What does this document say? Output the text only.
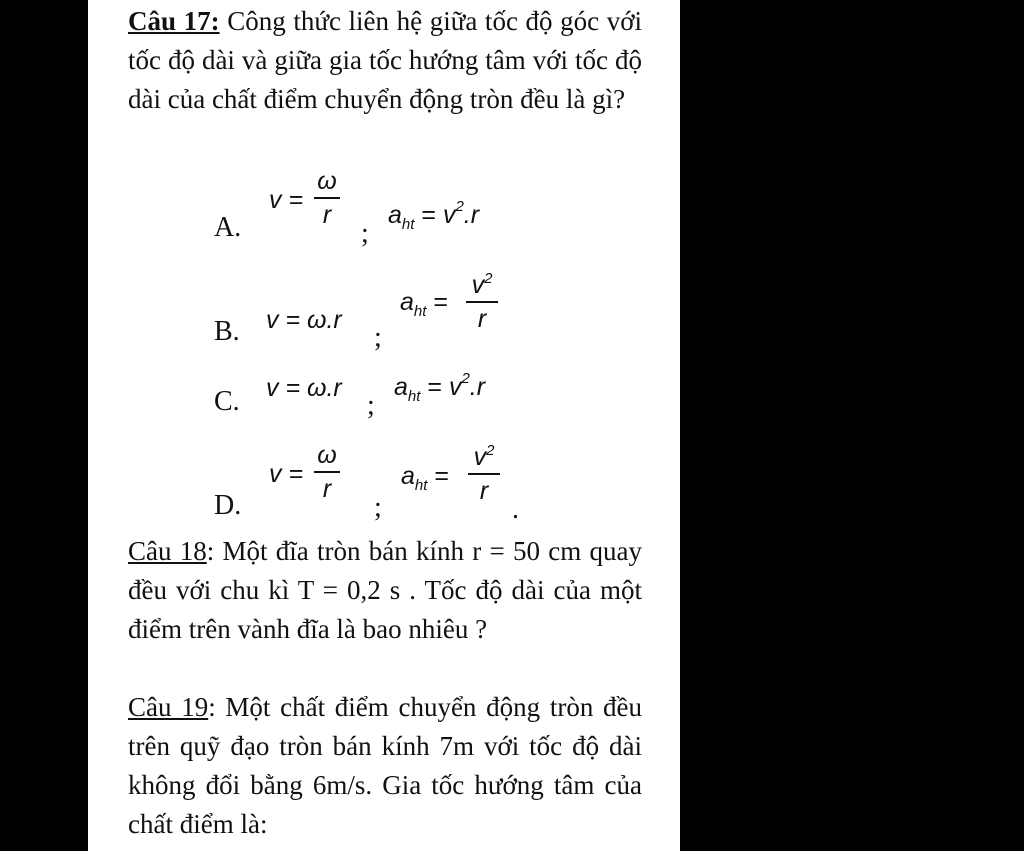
Câu 17: Công thức liên hệ giữa tốc độ góc với tốc độ dài và giữa gia tốc hướng tâm với tốc độ dài của chất điểm chuyển động tròn đều là gì?
A.
v =
ω
r
;
$a_{ht} = v^2.r$
B. v = ω.r
;
$a_{ht}$ =
$v^2$
r
C. v = ω.r
;
$a_{ht} = v^2.r$
D.
v =
ω
r
;
$a_{ht}$ =
$v^2$
r
.
Câu 18: Một đĩa tròn bán kính r = 50 cm quay đều với chu kì T = 0,2 s . Tốc độ dài của một điểm trên vành đĩa là bao nhiêu ?
Câu 19: Một chất điểm chuyển động tròn đều trên quỹ đạo tròn bán kính 7m với tốc độ dài không đổi bằng 6m/s. Gia tốc hướng tâm của chất điểm là:
